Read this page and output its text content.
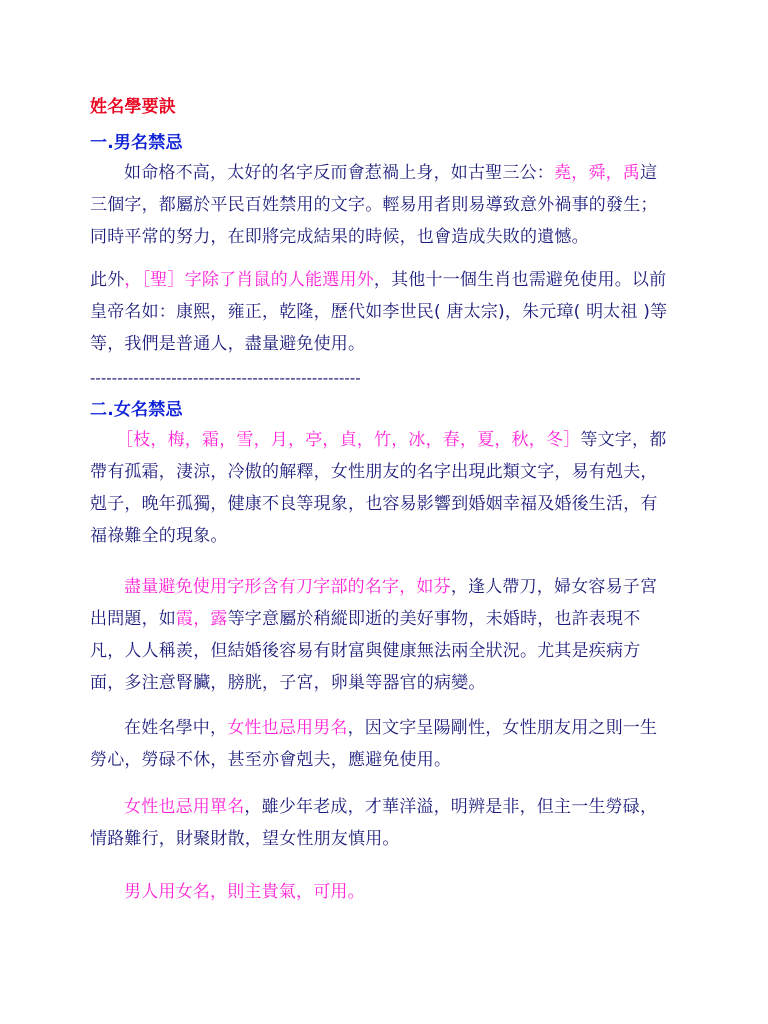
姓名學要訣

一.男名禁忌

如命格不高，太好的名字反而會惹禍上身，如古聖三公：堯，舜，禹這

三個字，都屬於平民百姓禁用的文字。輕易用者則易導致意外禍事的發生；

同時平常的努力，在即將完成結果的時候，也會造成失敗的遺憾。

此外，［聖］字除了肖鼠的人能選用外，其他十一個生肖也需避免使用。以前

皇帝名如：康熙，雍正，乾隆，歷代如李世民( 唐太宗)，朱元璋( 明太祖 )等

等，我們是普通人，盡量避免使用。

--------------------------------------------------

二.女名禁忌

［枝，梅，霜，雪，月，亭，貞，竹，冰，春，夏，秋，冬］等文字，都

帶有孤霜，淒涼，冷傲的解釋，女性朋友的名字出現此類文字，易有剋夫，

剋子，晚年孤獨，健康不良等現象，也容易影響到婚姻幸福及婚後生活，有

福祿難全的現象。

盡量避免使用字形含有刀字部的名字，如芬，逢人帶刀，婦女容易子宮

出問題，如霞，露等字意屬於稍縱即逝的美好事物，未婚時，也許表現不

凡，人人稱羨，但結婚後容易有財富與健康無法兩全狀況。尤其是疾病方

面，多注意腎臟，膀胱，子宮，卵巢等器官的病變。

在姓名學中，女性也忌用男名，因文字呈陽剛性，女性朋友用之則一生

勞心，勞碌不休，甚至亦會剋夫，應避免使用。

女性也忌用單名，雖少年老成，才華洋溢，明辨是非，但主一生勞碌，

情路難行，財聚財散，望女性朋友慎用。

男人用女名，則主貴氣，可用。
